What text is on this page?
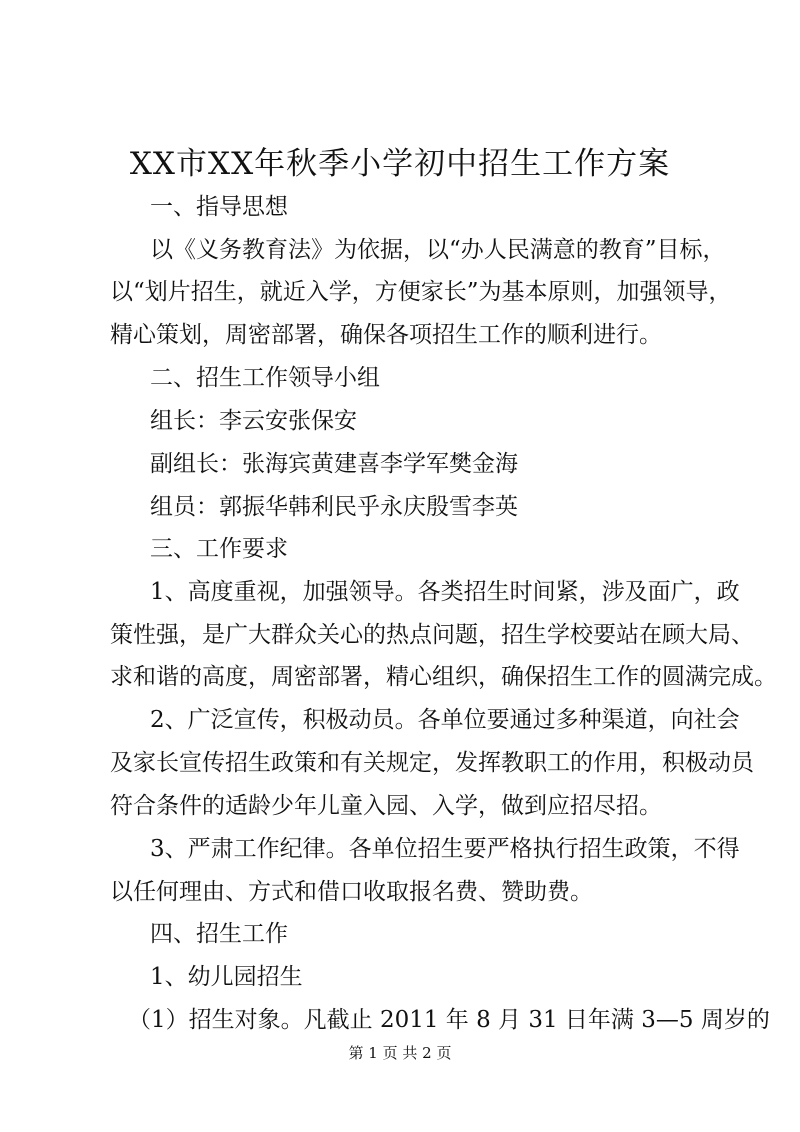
XX市XX年秋季小学初中招生工作方案
一、指导思想
以《义务教育法》为依据，以“办人民满意的教育”目标，
以“划片招生，就近入学，方便家长”为基本原则，加强领导，
精心策划，周密部署，确保各项招生工作的顺利进行。
二、招生工作领导小组
组长：李云安张保安
副组长：张海宾黄建喜李学军樊金海
组员：郭振华韩利民乎永庆殷雪李英
三、工作要求
1、高度重视，加强领导。各类招生时间紧，涉及面广，政
策性强，是广大群众关心的热点问题，招生学校要站在顾大局、
求和谐的高度，周密部署，精心组织，确保招生工作的圆满完成。
2、广泛宣传，积极动员。各单位要通过多种渠道，向社会
及家长宣传招生政策和有关规定，发挥教职工的作用，积极动员
符合条件的适龄少年儿童入园、入学，做到应招尽招。
3、严肃工作纪律。各单位招生要严格执行招生政策，不得
以任何理由、方式和借口收取报名费、赞助费。
四、招生工作
1、幼儿园招生
（1）招生对象。凡截止 2011 年 8 月 31 日年满 3—5 周岁的
第 1 页 共 2 页
